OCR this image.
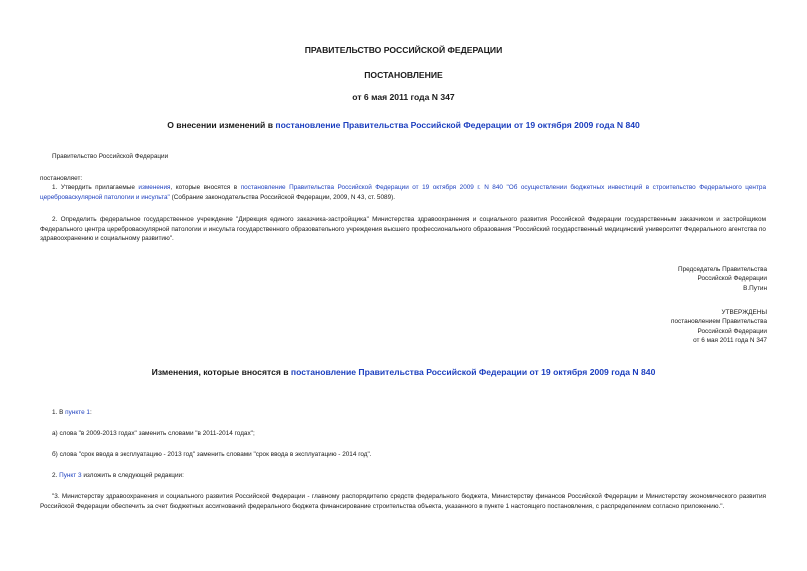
ПРАВИТЕЛЬСТВО РОССИЙСКОЙ ФЕДЕРАЦИИ
ПОСТАНОВЛЕНИЕ
от 6 мая 2011 года N 347
О внесении изменений в постановление Правительства Российской Федерации от 19 октября 2009 года N 840
Правительство Российской Федерации
постановляет:
1. Утвердить прилагаемые изменения, которые вносятся в постановление Правительства Российской Федерации от 19 октября 2009 г. N 840 "Об осуществлении бюджетных инвестиций в строительство Федерального центра цереброваскулярной патологии и инсульта" (Собрание законодательства Российской Федерации, 2009, N 43, ст. 5089).
2. Определить федеральное государственное учреждение "Дирекция единого заказчика-застройщика" Министерства здравоохранения и социального развития Российской Федерации государственным заказчиком и застройщиком Федерального центра цереброваскулярной патологии и инсульта государственного образовательного учреждения высшего профессионального образования "Российский государственный медицинский университет Федерального агентства по здравоохранению и социальному развитию".
Председатель Правительства
Российской Федерации
В.Путин
УТВЕРЖДЕНЫ
постановлением Правительства
Российской Федерации
от 6 мая 2011 года N 347
Изменения, которые вносятся в постановление Правительства Российской Федерации от 19 октября 2009 года N 840
1. В пункте 1:
а) слова "в 2009-2013 годах" заменить словами "в 2011-2014 годах";
б) слова "срок ввода в эксплуатацию - 2013 год" заменить словами "срок ввода в эксплуатацию - 2014 год".
2. Пункт 3 изложить в следующей редакции:
"3. Министерству здравоохранения и социального развития Российской Федерации - главному распорядителю средств федерального бюджета, Министерству финансов Российской Федерации и Министерству экономического развития Российской Федерации обеспечить за счет бюджетных ассигнований федерального бюджета финансирование строительства объекта, указанного в пункте 1 настоящего постановления, с распределением согласно приложению.".
